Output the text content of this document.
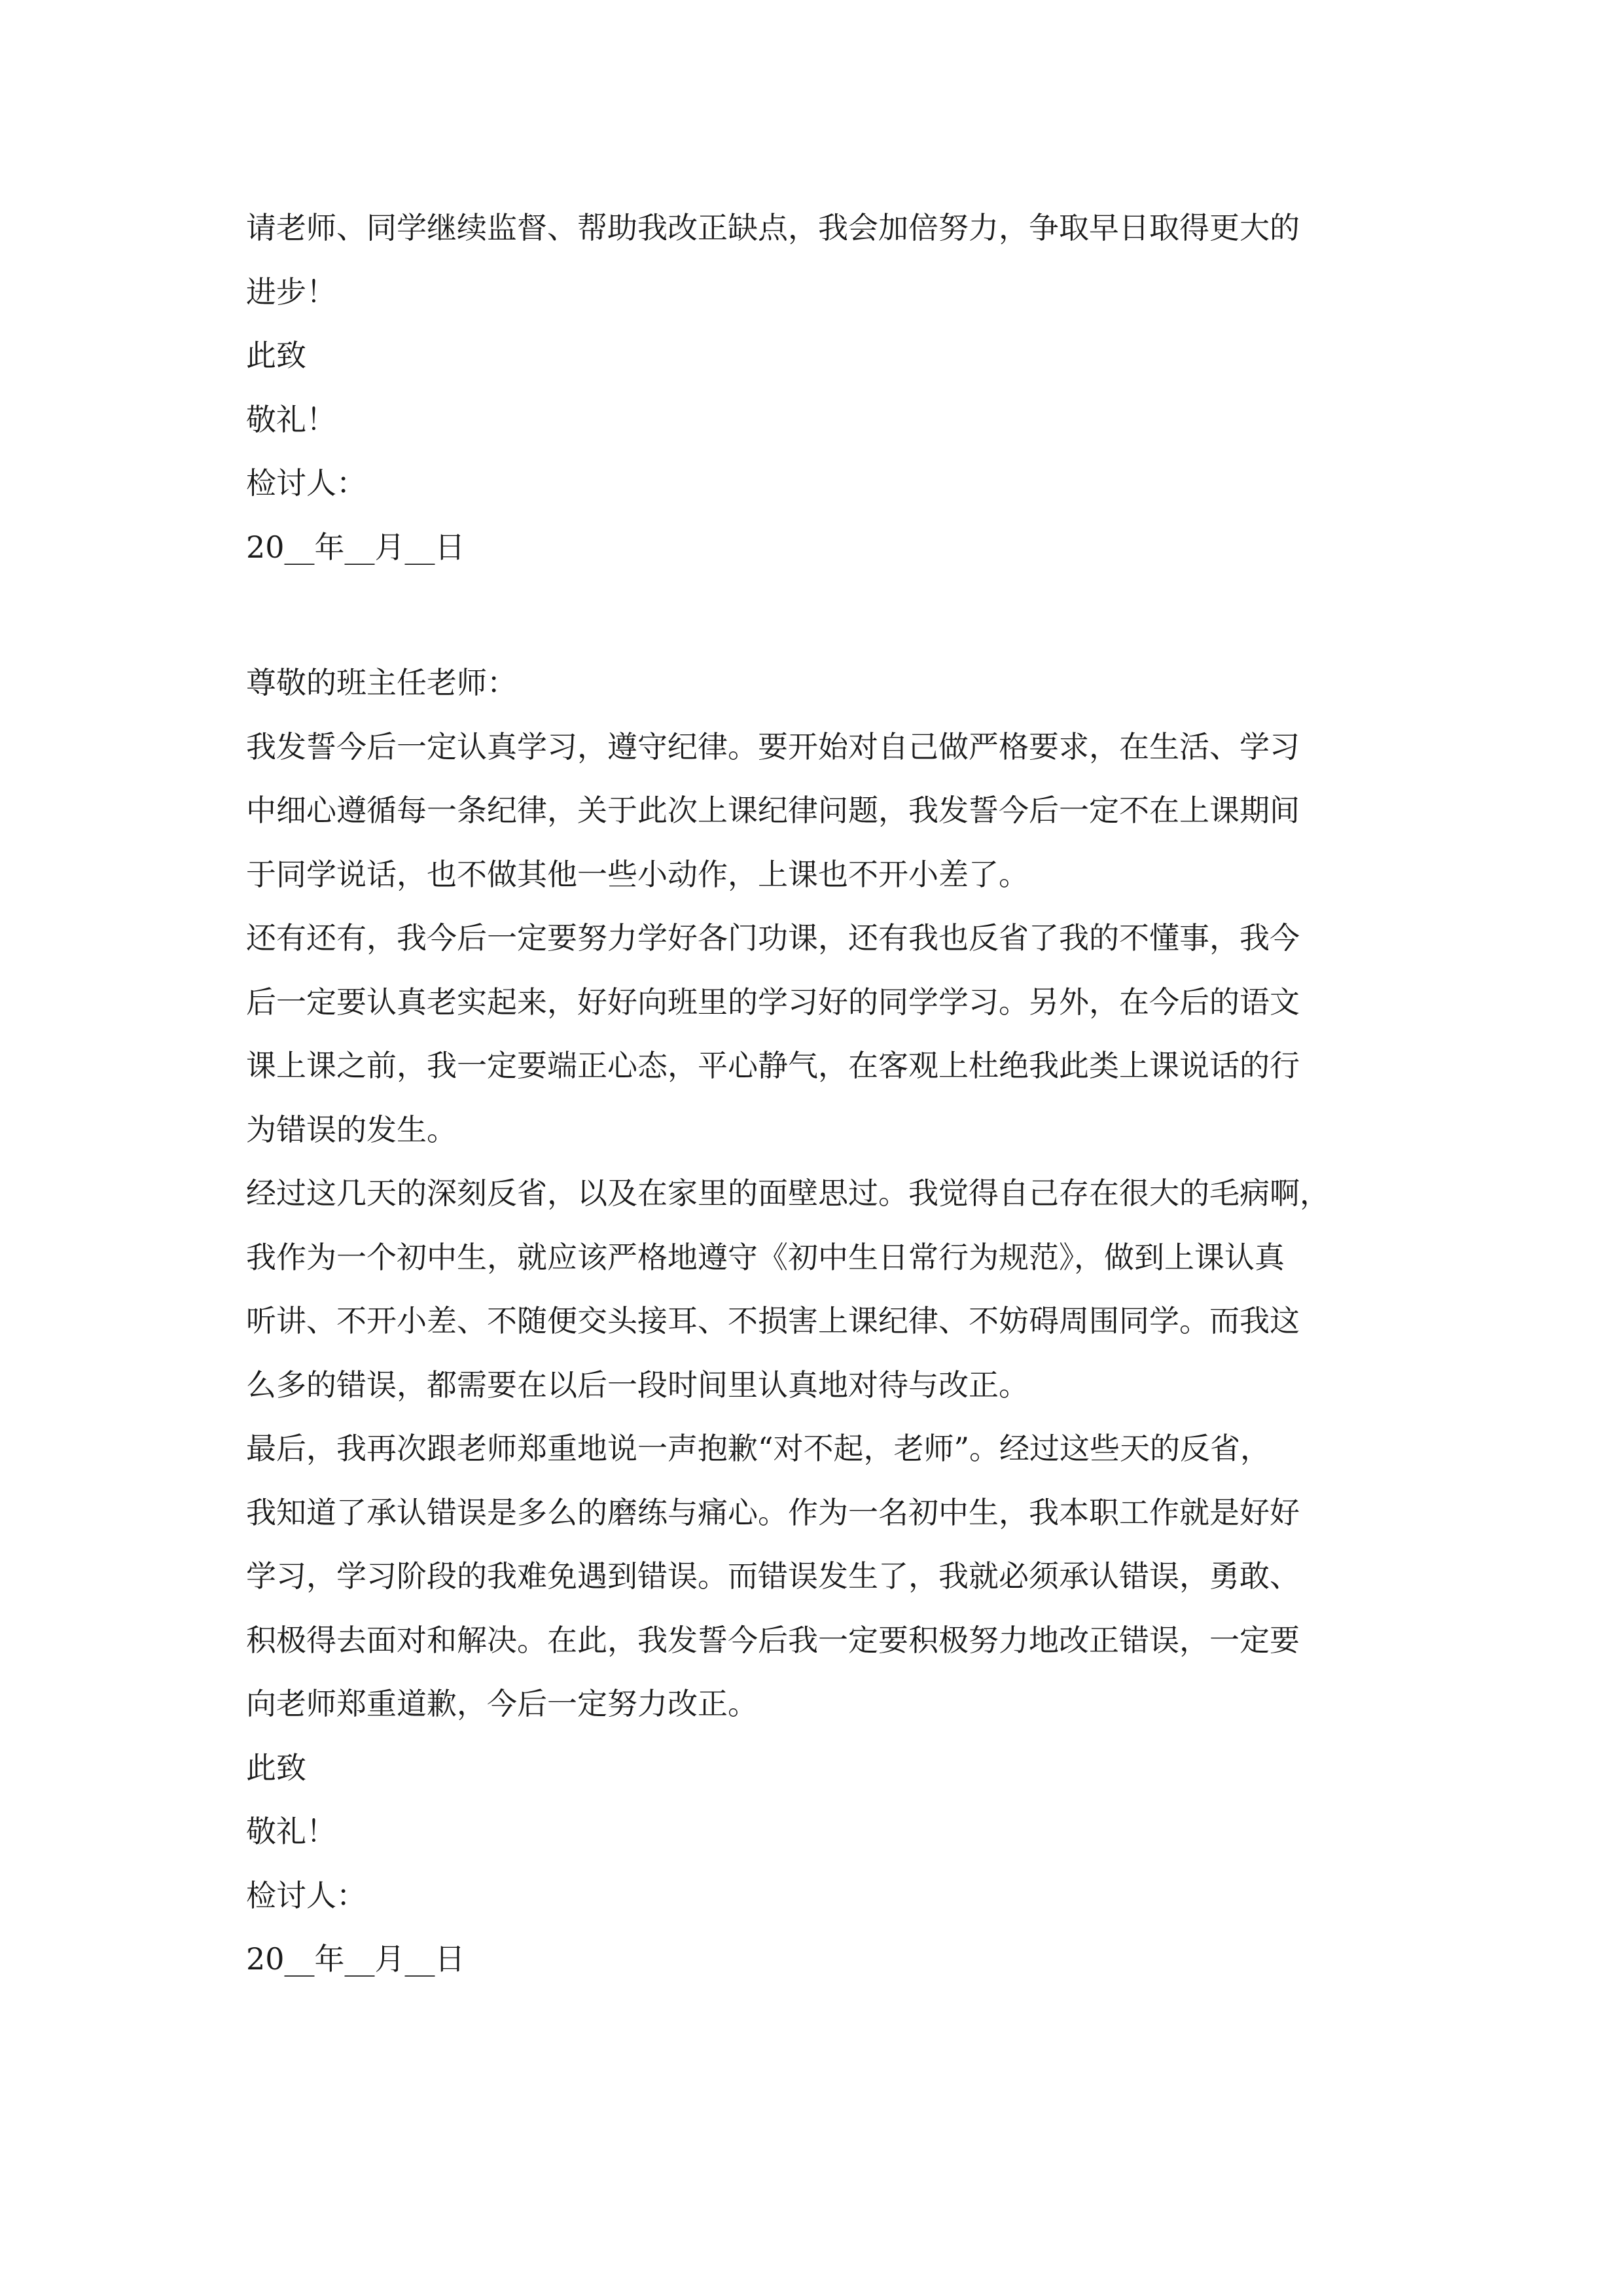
请老师、同学继续监督、帮助我改正缺点，我会加倍努力，争取早日取得更大的

进步！

此致

敬礼！

检讨人：

20__年__月__日

尊敬的班主任老师：

我发誓今后一定认真学习，遵守纪律。要开始对自己做严格要求，在生活、学习

中细心遵循每一条纪律，关于此次上课纪律问题，我发誓今后一定不在上课期间

于同学说话，也不做其他一些小动作，上课也不开小差了。

还有还有，我今后一定要努力学好各门功课，还有我也反省了我的不懂事，我今

后一定要认真老实起来，好好向班里的学习好的同学学习。另外，在今后的语文

课上课之前，我一定要端正心态，平心静气，在客观上杜绝我此类上课说话的行

为错误的发生。

经过这几天的深刻反省，以及在家里的面壁思过。我觉得自己存在很大的毛病啊，

我作为一个初中生，就应该严格地遵守《初中生日常行为规范》，做到上课认真

听讲、不开小差、不随便交头接耳、不损害上课纪律、不妨碍周围同学。而我这

么多的错误，都需要在以后一段时间里认真地对待与改正。

最后，我再次跟老师郑重地说一声抱歉“对不起，老师”。经过这些天的反省，

我知道了承认错误是多么的磨练与痛心。作为一名初中生，我本职工作就是好好

学习，学习阶段的我难免遇到错误。而错误发生了，我就必须承认错误，勇敢、

积极得去面对和解决。在此，我发誓今后我一定要积极努力地改正错误，一定要

向老师郑重道歉，今后一定努力改正。

此致

敬礼！

检讨人：

20__年__月__日
